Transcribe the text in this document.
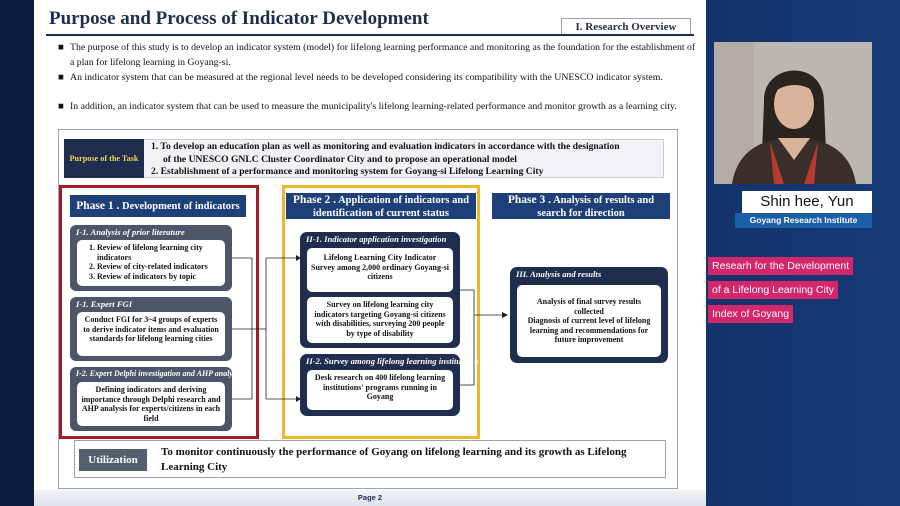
Purpose and Process of Indicator Development	I. Research Overview
■ The purpose of this study is to develop an indicator system (model) for lifelong learning performance and monitoring as the foundation for the establishment of a plan for lifelong learning in Goyang-si.
■ An indicator system that can be measured at the regional level needs to be developed considering its compatibility with the UNESCO indicator system.
■ In addition, an indicator system that can be used to measure the municipality's lifelong learning-related performance and monitor growth as a learning city.
Purpose of the Task
1. To develop an education plan as well as monitoring and evaluation indicators in accordance with the designation
of the UNESCO GNLC Cluster Coordinator City and to propose an operational model
2. Establishment of a performance and monitoring system for Goyang-si Lifelong Learning City
Phase 1 . Development of indicators
I-1. Analysis of prior literature
1. Review of lifelong learning city indicators
2. Review of city-related indicators
3. Review of indicators by topic
I-1. Expert FGI
Conduct FGI for 3~4 groups of experts to derive indicator items and evaluation standards for lifelong learning cities
I-2. Expert Delphi investigation and AHP analysis
Defining indicators and deriving importance through Delphi research and AHP analysis for experts/citizens in each field
Phase 2 . Application of indicators and
identification of current status
II-1. Indicator application investigation
Lifelong Learning City Indicator Survey among 2,000 ordinary Goyang-si citizens
Survey on lifelong learning city indicators targeting Goyang-si citizens with disabilities, surveying 200 people by type of disability
II-2. Survey among lifelong learning institutions
Desk research on 400 lifelong learning institutions' programs running in Goyang
Phase 3 . Analysis of results and
search for direction
III. Analysis and results
Analysis of final survey results collected
Diagnosis of current level of lifelong learning and recommendations for future improvement
Utilization
To monitor continuously the performance of Goyang on lifelong learning and its growth as Lifelong Learning City
Page 2
Shin hee, Yun
Goyang Research Institute
Researh for the Development
of a Lifelong Learning City
Index of Goyang
